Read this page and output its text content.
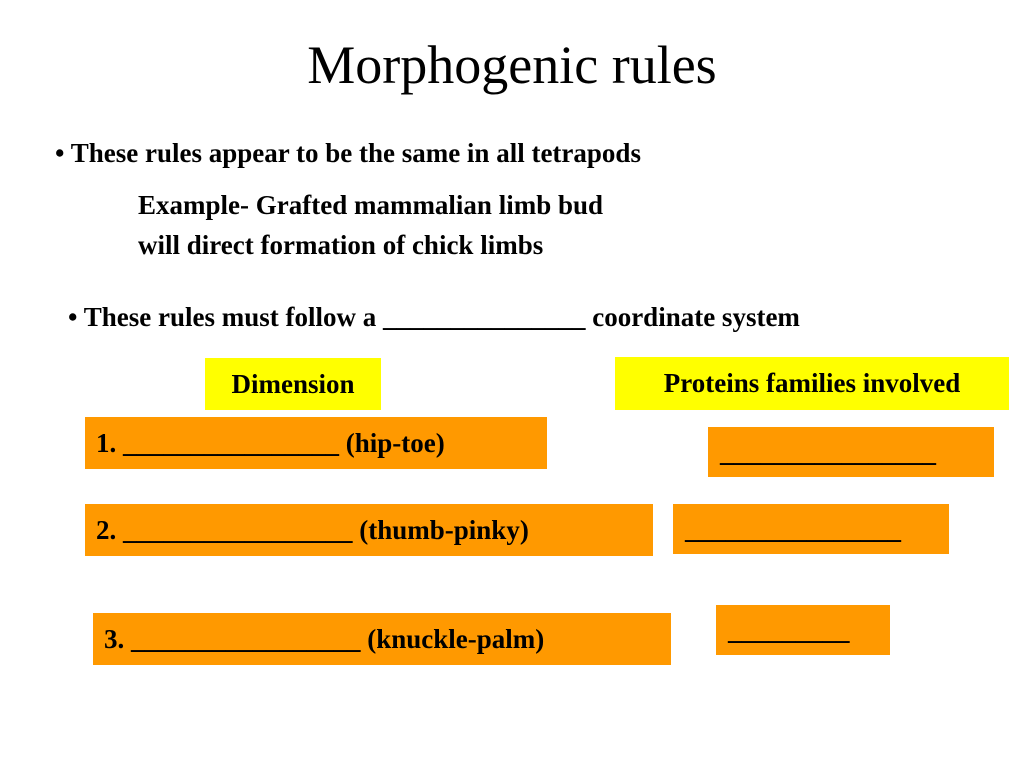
Morphogenic rules
• These rules appear to be the same in all tetrapods
Example- Grafted mammalian limb bud
will direct formation of chick limbs
• These rules must follow a _______________ coordinate system
Dimension	Proteins families involved
1. ________________ (hip-toe)
2. _________________ (thumb-pinky)
3. _________________ (knuckle-palm)
________________
________________
_________
